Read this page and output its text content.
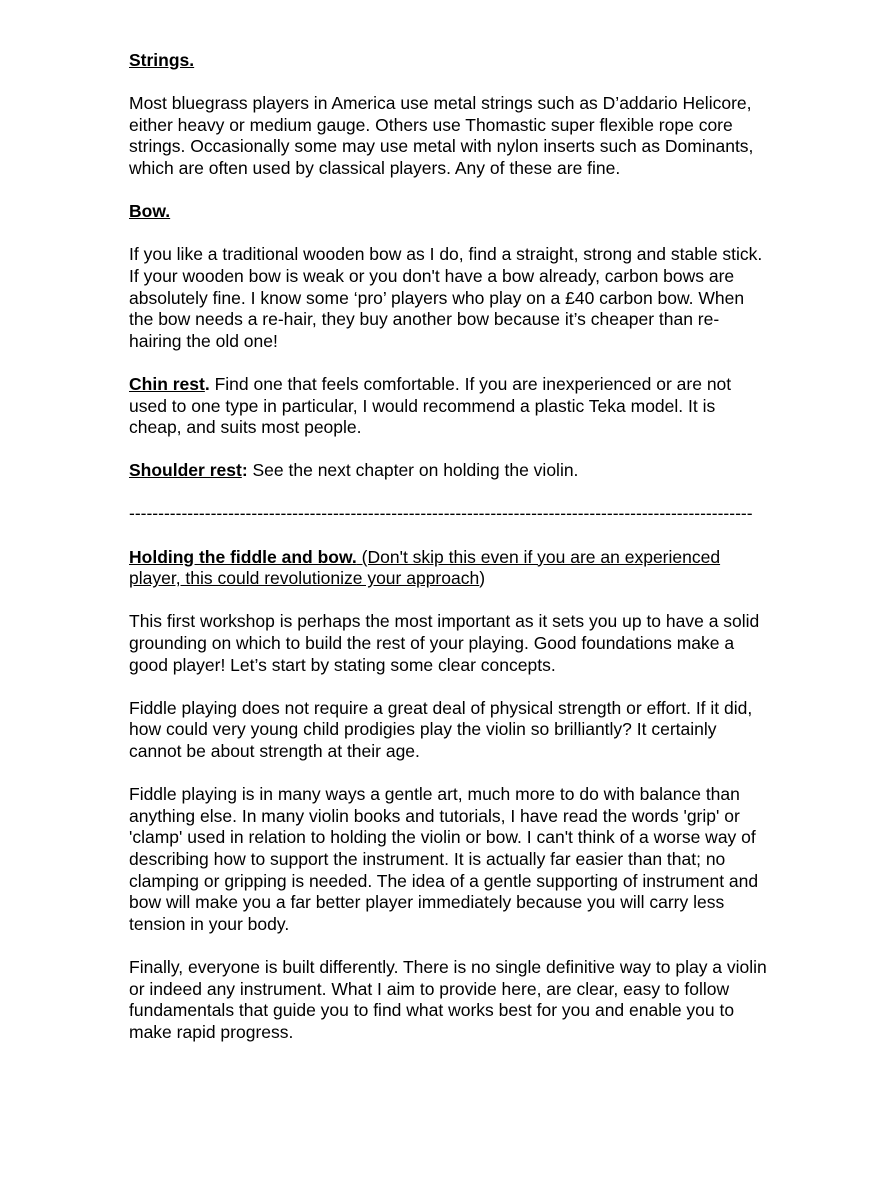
Strings.

Most bluegrass players in America use metal strings such as D’addario Helicore, either heavy or medium gauge. Others use Thomastic super flexible rope core strings. Occasionally some may use metal with nylon inserts such as Dominants, which are often used by classical players. Any of these are fine.

Bow.

If you like a traditional wooden bow as I do, find a straight, strong and stable stick. If your wooden bow is weak or you don't have a bow already, carbon bows are absolutely fine. I know some ‘pro’ players who play on a £40 carbon bow. When the bow needs a re-hair, they buy another bow because it’s cheaper than re-hairing the old one!

Chin rest. Find one that feels comfortable. If you are inexperienced or are not used to one type in particular, I would recommend a plastic Teka model. It is cheap, and suits most people.

Shoulder rest: See the next chapter on holding the violin.

-----------------------------------------------------------------------------------------------------------

Holding the fiddle and bow. (Don't skip this even if you are an experienced player, this could revolutionize your approach)

This first workshop is perhaps the most important as it sets you up to have a solid grounding on which to build the rest of your playing. Good foundations make a good player! Let’s start by stating some clear concepts.

Fiddle playing does not require a great deal of physical strength or effort. If it did, how could very young child prodigies play the violin so brilliantly? It certainly cannot be about strength at their age.

Fiddle playing is in many ways a gentle art, much more to do with balance than anything else. In many violin books and tutorials, I have read the words 'grip' or 'clamp' used in relation to holding the violin or bow. I can't think of a worse way of describing how to support the instrument. It is actually far easier than that; no clamping or gripping is needed. The idea of a gentle supporting of instrument and bow will make you a far better player immediately because you will carry less tension in your body.

Finally, everyone is built differently. There is no single definitive way to play a violin or indeed any instrument. What I aim to provide here, are clear, easy to follow fundamentals that guide you to find what works best for you and enable you to make rapid progress.
